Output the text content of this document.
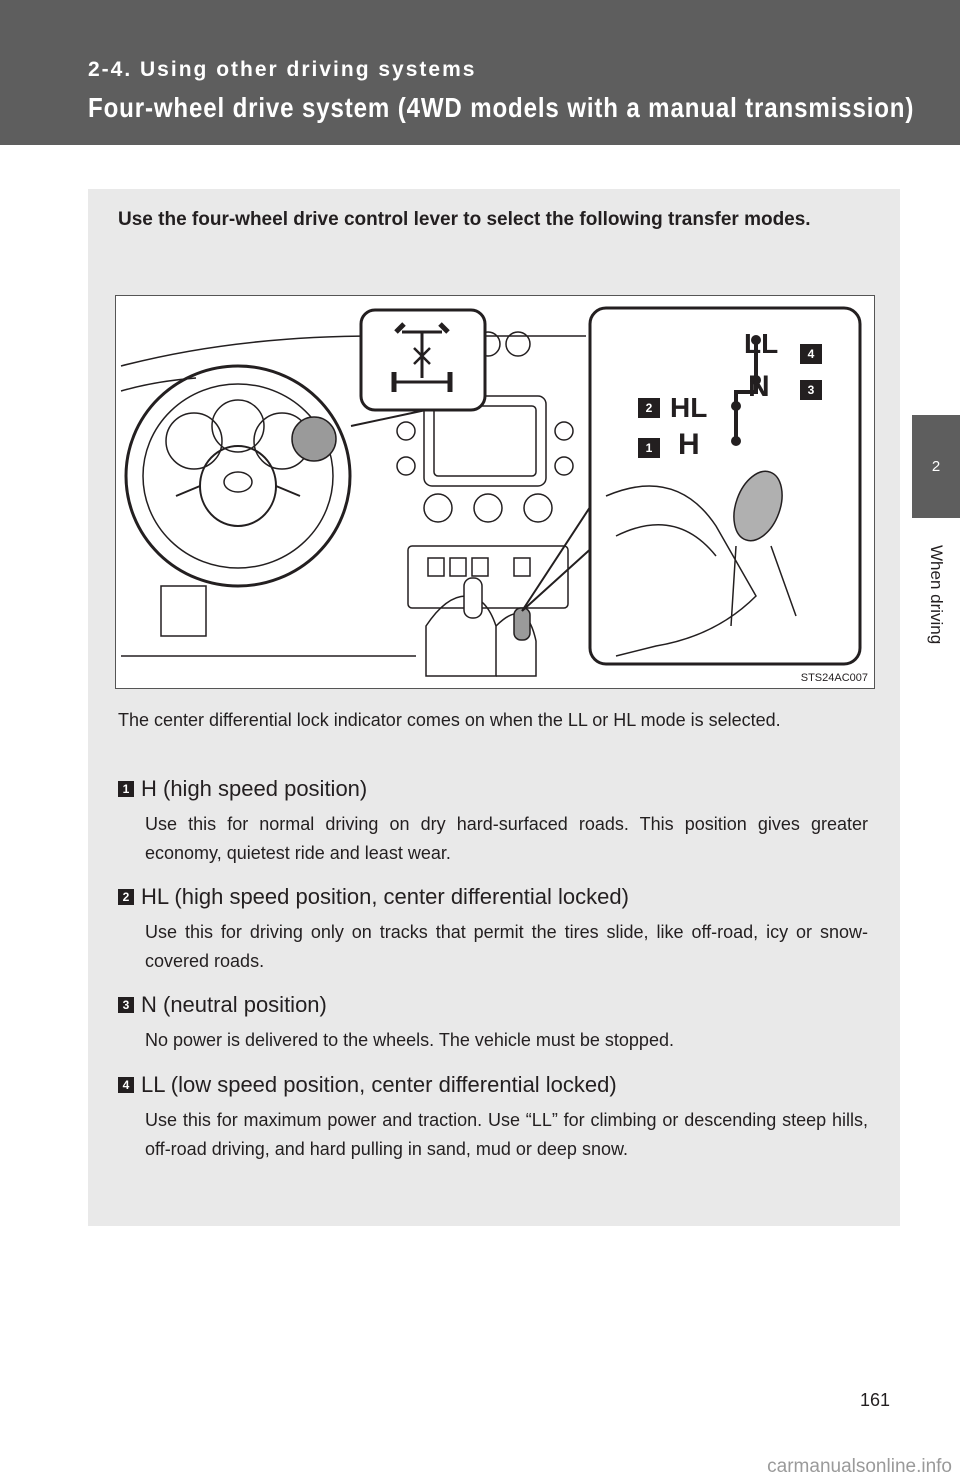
2-4. Using other driving systems
Four-wheel drive system (4WD models with a manual transmission)
2
When driving
Use the four-wheel drive control lever to select the following transfer modes.
LL	4
N	3
2 HL
1 H
STS24AC007
The center differential lock indicator comes on when the LL or HL mode is selected.
1 H (high speed position)
Use this for normal driving on dry hard-surfaced roads. This position gives greater economy, quietest ride and least wear.
2 HL (high speed position, center differential locked)
Use this for driving only on tracks that permit the tires slide, like off-road, icy or snow-covered roads.
3 N (neutral position)
No power is delivered to the wheels. The vehicle must be stopped.
4 LL (low speed position, center differential locked)
Use this for maximum power and traction. Use “LL” for climbing or descending steep hills, off-road driving, and hard pulling in sand, mud or deep snow.
161
carmanualsonline.info
